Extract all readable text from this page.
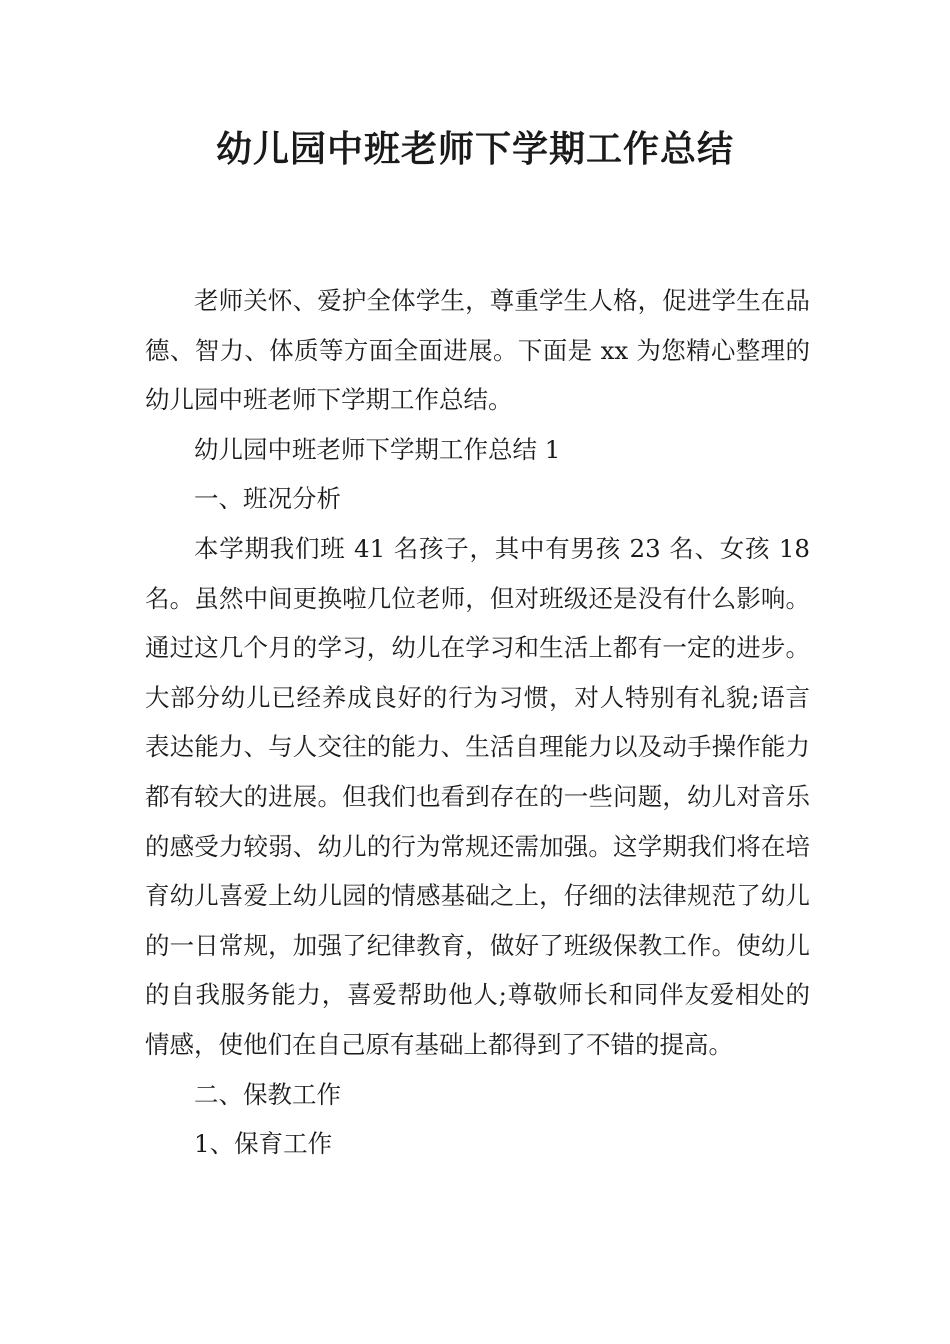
幼儿园中班老师下学期工作总结

老师关怀、爱护全体学生，尊重学生人格，促进学生在品德、智力、体质等方面全面进展。下面是 xx 为您精心整理的幼儿园中班老师下学期工作总结。

幼儿园中班老师下学期工作总结 1

一、班况分析

本学期我们班 41 名孩子，其中有男孩 23 名、女孩 18 名。虽然中间更换啦几位老师，但对班级还是没有什么影响。通过这几个月的学习，幼儿在学习和生活上都有一定的进步。大部分幼儿已经养成良好的行为习惯，对人特别有礼貌;语言表达能力、与人交往的能力、生活自理能力以及动手操作能力都有较大的进展。但我们也看到存在的一些问题，幼儿对音乐的感受力较弱、幼儿的行为常规还需加强。这学期我们将在培育幼儿喜爱上幼儿园的情感基础之上，仔细的法律规范了幼儿的一日常规，加强了纪律教育，做好了班级保教工作。使幼儿的自我服务能力，喜爱帮助他人;尊敬师长和同伴友爱相处的情感，使他们在自己原有基础上都得到了不错的提高。

二、保教工作

1、保育工作
